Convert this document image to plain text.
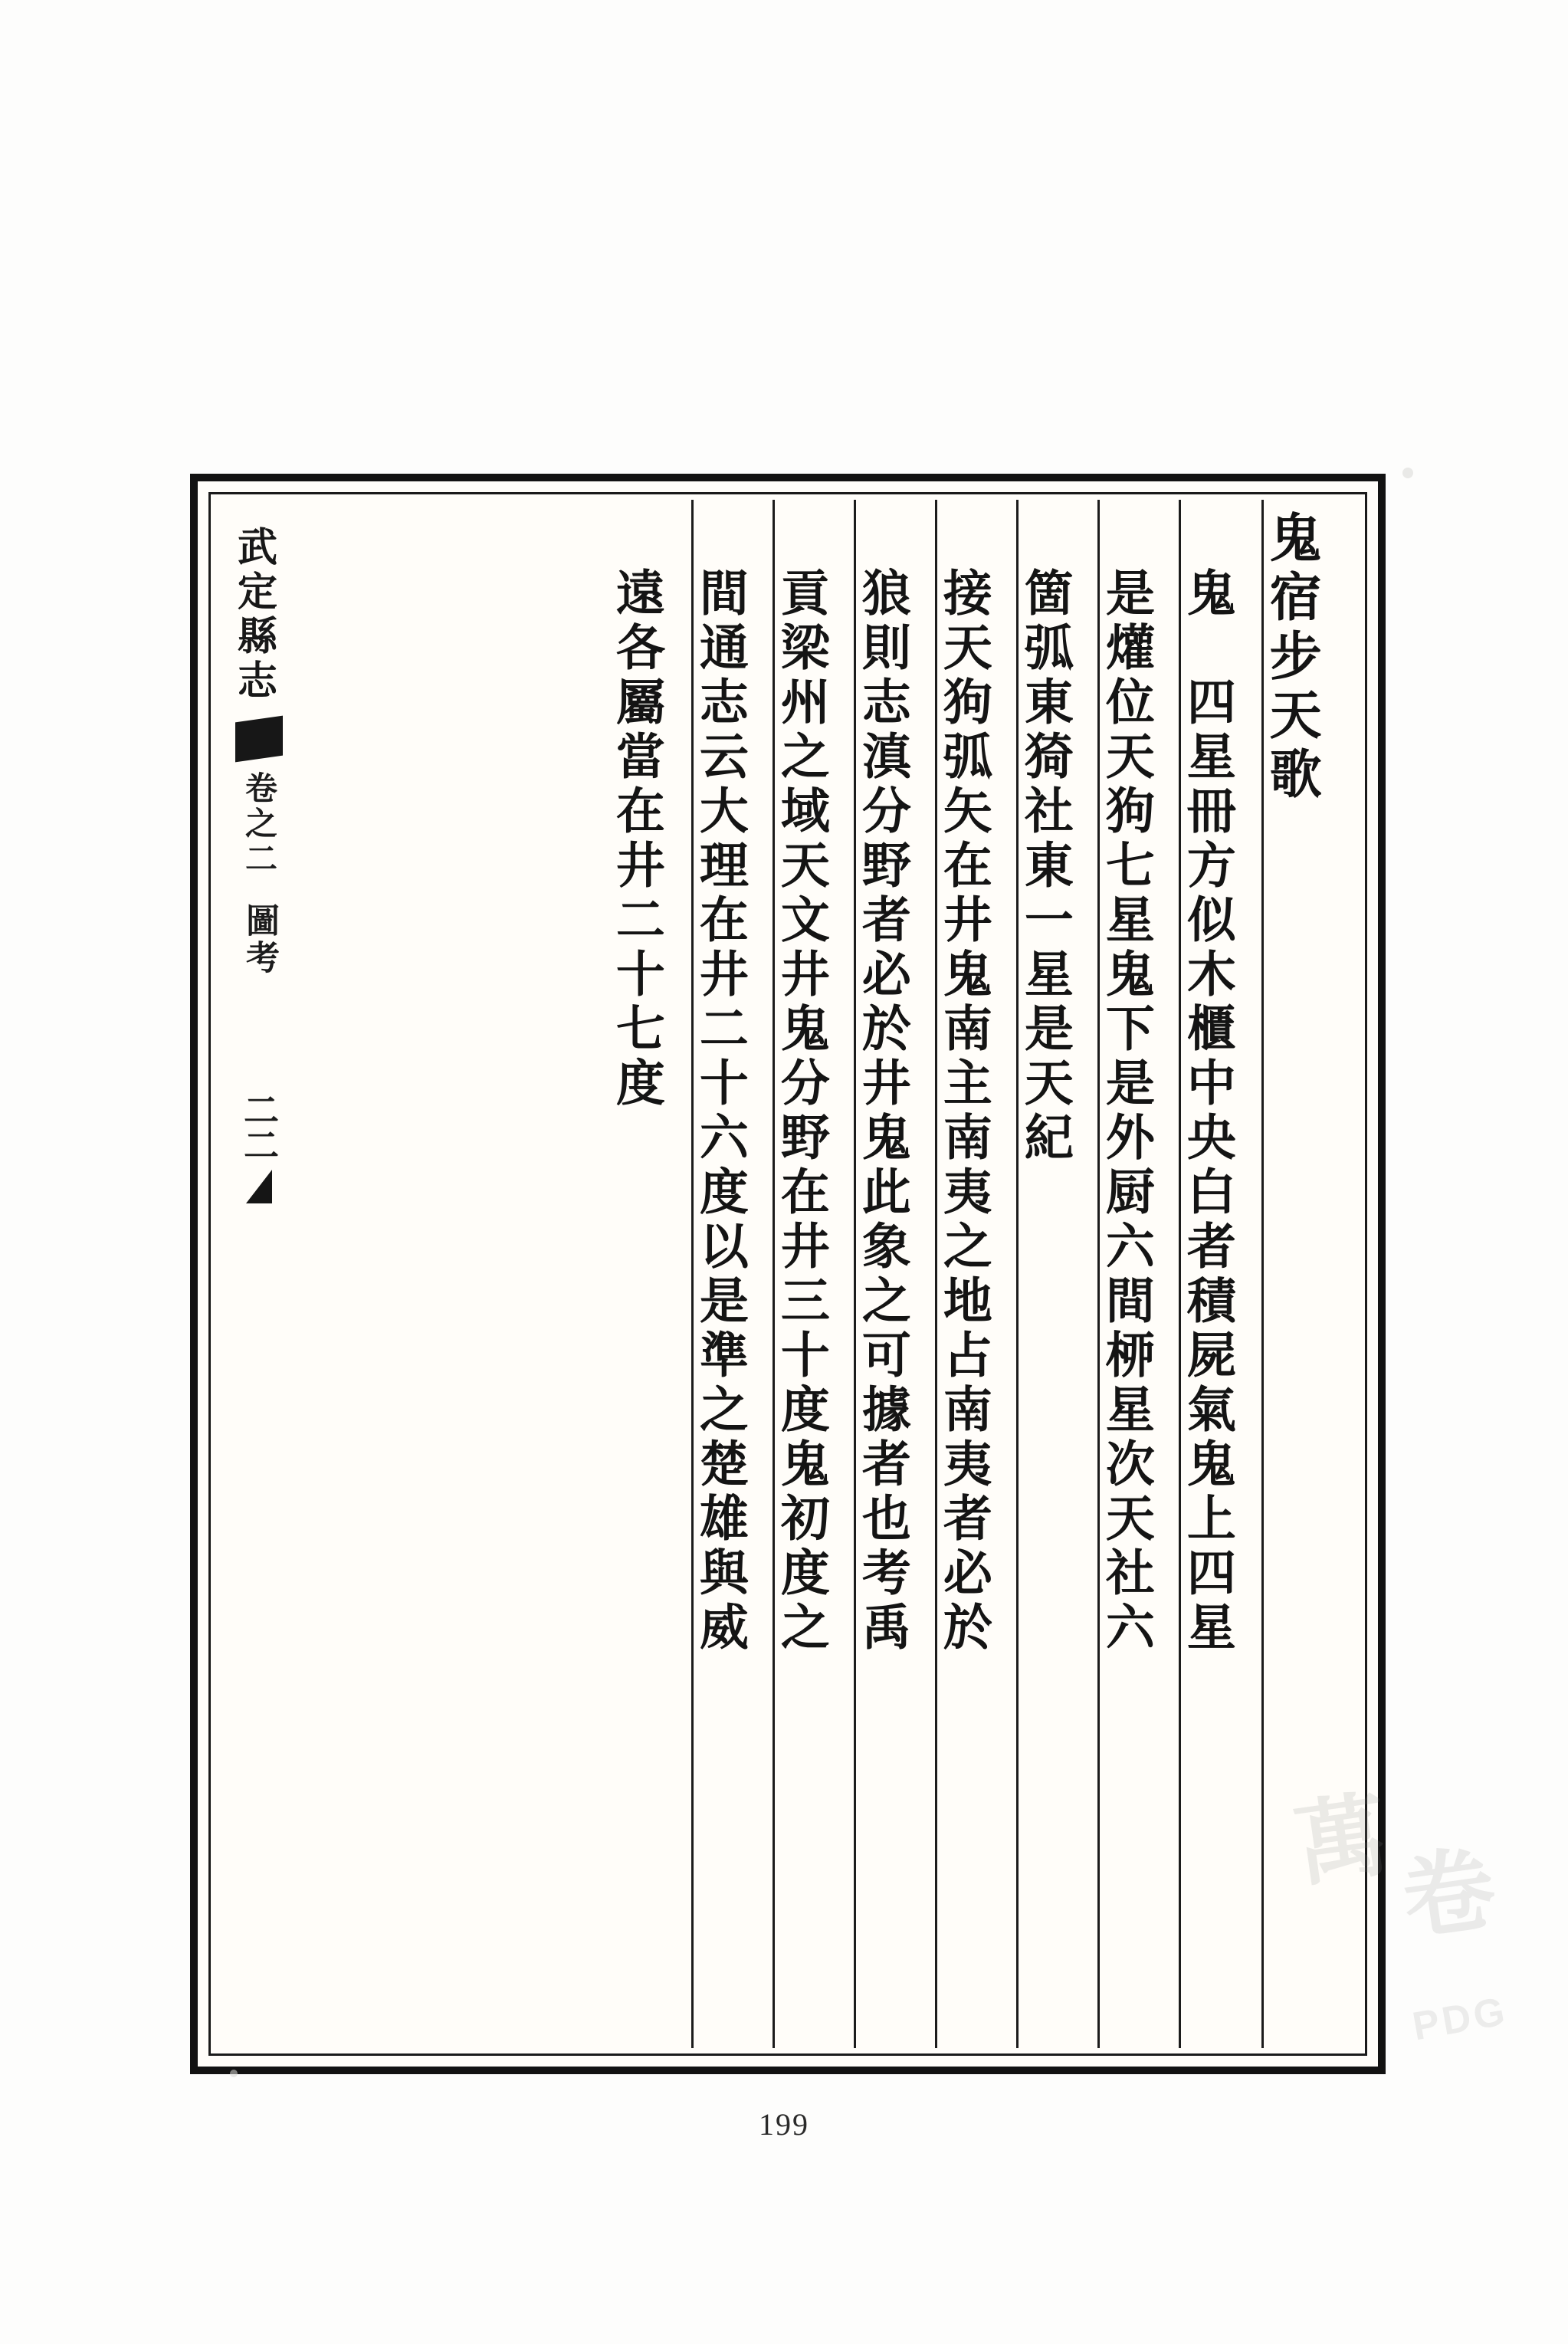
鬼宿步天歌
鬼　四星冊方似木櫃中央白者積屍氣鬼上四星
是爟位天狗七星鬼下是外厨六間桺星次天社六
箇弧東猗社東一星是天紀
接天狗弧矢在井鬼南主南夷之地占南夷者必於
狼則志滇分野者必於井鬼此象之可據者也考禹
貢梁州之域天文井鬼分野在井三十度鬼初度之
間通志云大理在井二十六度以是準之楚雄與威
遠各屬當在井二十七度
武定縣志
卷之二
圖考
二二
卷
PDG
199
